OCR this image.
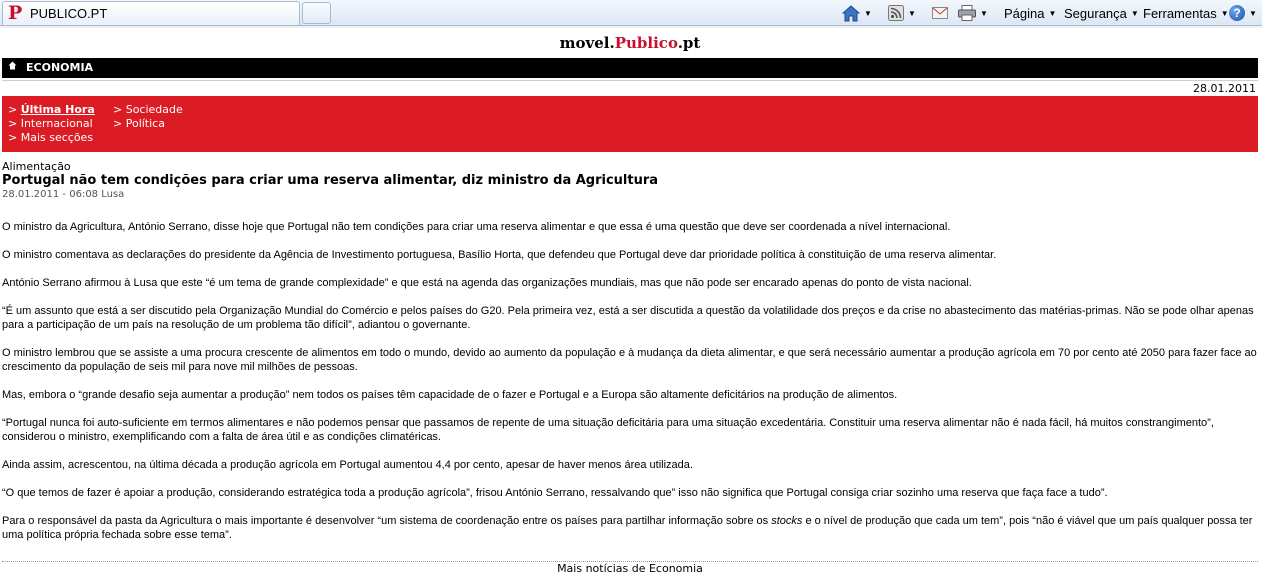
P PUBLICO.PT	▼	▼	▼ Página ▼ Segurança ▼ Ferramentas ▼ ?	▼
movel.Publico.pt
ECONOMIA
28.01.2011
> Última Hora
> Internacional
> Mais secções
> Sociedade
> Política
Alimentação
Portugal não tem condições para criar uma reserva alimentar, diz ministro da Agricultura
28.01.2011 - 06:08 Lusa

O ministro da Agricultura, António Serrano, disse hoje que Portugal não tem condições para criar uma reserva alimentar e que essa é uma questão que deve ser coordenada a nível internacional.

O ministro comentava as declarações do presidente da Agência de Investimento portuguesa, Basílio Horta, que defendeu que Portugal deve dar prioridade política à constituição de uma reserva alimentar.

António Serrano afirmou à Lusa que este “é um tema de grande complexidade” e que está na agenda das organizações mundiais, mas que não pode ser encarado apenas do ponto de vista nacional.

“É um assunto que está a ser discutido pela Organização Mundial do Comércio e pelos países do G20. Pela primeira vez, está a ser discutida a questão da volatilidade dos preços e da crise no abastecimento das matérias-primas. Não se pode olhar apenas para a participação de um país na resolução de um problema tão difícil”, adiantou o governante.

O ministro lembrou que se assiste a uma procura crescente de alimentos em todo o mundo, devido ao aumento da população e à mudança da dieta alimentar, e que será necessário aumentar a produção agrícola em 70 por cento até 2050 para fazer face ao crescimento da população de seis mil para nove mil milhões de pessoas.

Mas, embora o “grande desafio seja aumentar a produção” nem todos os países têm capacidade de o fazer e Portugal e a Europa são altamente deficitários na produção de alimentos.

“Portugal nunca foi auto-suficiente em termos alimentares e não podemos pensar que passamos de repente de uma situação deficitária para uma situação excedentária. Constituir uma reserva alimentar não é nada fácil, há muitos constrangimento”, considerou o ministro, exemplificando com a falta de área útil e as condições climatéricas.

Ainda assim, acrescentou, na última década a produção agrícola em Portugal aumentou 4,4 por cento, apesar de haver menos área utilizada.

“O que temos de fazer é apoiar a produção, considerando estratégica toda a produção agrícola”, frisou António Serrano, ressalvando que” isso não significa que Portugal consiga criar sozinho uma reserva que faça face a tudo”.

Para o responsável da pasta da Agricultura o mais importante é desenvolver “um sistema de coordenação entre os países para partilhar informação sobre os stocks e o nível de produção que cada um tem”, pois “não é viável que um país qualquer possa ter uma política própria fechada sobre esse tema”.

Mais notícias de Economia
